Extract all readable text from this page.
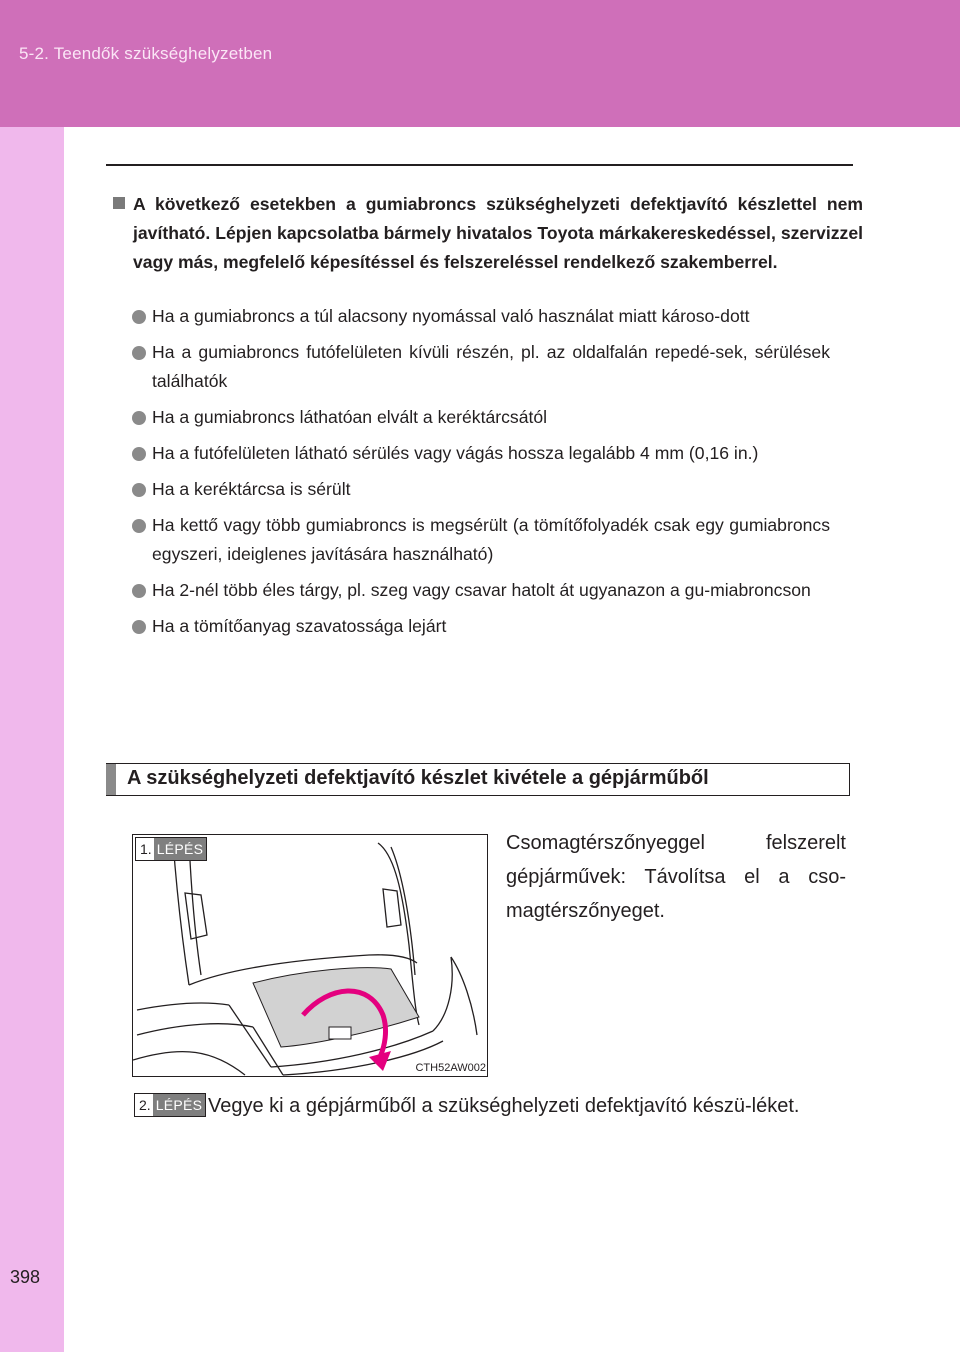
5-2. Teendők szükséghelyzetben
398
A következő esetekben a gumiabroncs szükséghelyzeti defektjavító készlettel nem javítható. Lépjen kapcsolatba bármely hivatalos Toyota márkakereskedéssel, szervizzel vagy más, megfelelő képesítéssel és felszereléssel rendelkező szakemberrel.
Ha a gumiabroncs a túl alacsony nyomással való használat miatt károso-dott
Ha a gumiabroncs futófelületen kívüli részén, pl. az oldalfalán repedé-sek, sérülések találhatók
Ha a gumiabroncs láthatóan elvált a keréktárcsától
Ha a futófelületen látható sérülés vagy vágás hossza legalább 4 mm (0,16 in.)
Ha a keréktárcsa is sérült
Ha kettő vagy több gumiabroncs is megsérült (a tömítőfolyadék csak egy gumiabroncs egyszeri, ideiglenes javítására használható)
Ha 2-nél több éles tárgy, pl. szeg vagy csavar hatolt át ugyanazon a gu-miabroncson
Ha a tömítőanyag szavatossága lejárt
A szükséghelyzeti defektjavító készlet kivétele a gépjárműből
1. LÉPÉS
CTH52AW002
Csomagtérszőnyeggel felszerelt gépjárművek: Távolítsa el a cso-magtérszőnyeget.
2. LÉPÉS Vegye ki a gépjárműből a szükséghelyzeti defektjavító készü-léket.
